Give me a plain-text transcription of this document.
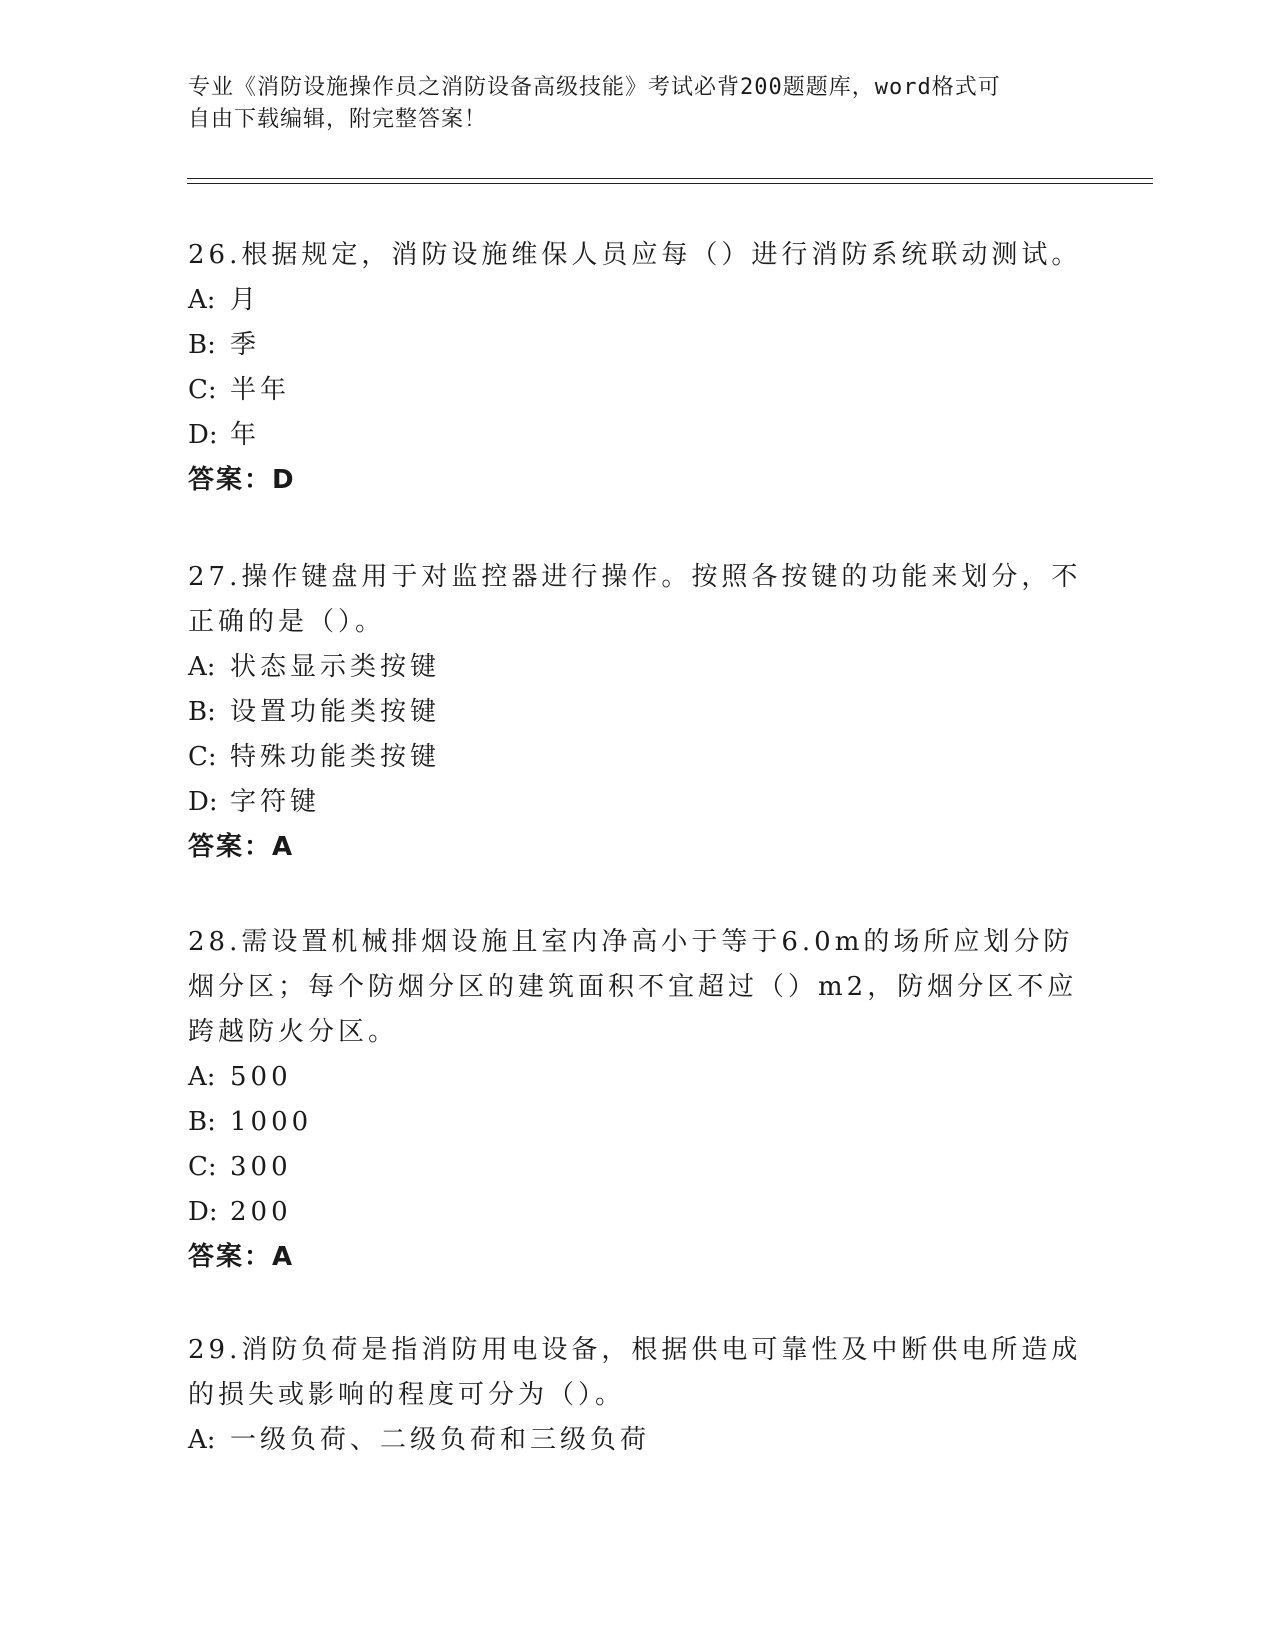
专业《消防设施操作员之消防设备高级技能》考试必背200题题库，word格式可
自由下载编辑，附完整答案！

26.根据规定，消防设施维保人员应每（）进行消防系统联动测试。

A: 月

B: 季

C: 半年

D: 年

答案：D

27.操作键盘用于对监控器进行操作。按照各按键的功能来划分，不正确的是（）。

A: 状态显示类按键

B: 设置功能类按键

C: 特殊功能类按键

D: 字符键

答案：A

28.需设置机械排烟设施且室内净高小于等于6.0m的场所应划分防烟分区；每个防烟分区的建筑面积不宜超过（）m2，防烟分区不应跨越防火分区。

A: 500

B: 1000

C: 300

D: 200

答案：A

29.消防负荷是指消防用电设备，根据供电可靠性及中断供电所造成的损失或影响的程度可分为（）。

A: 一级负荷、二级负荷和三级负荷
